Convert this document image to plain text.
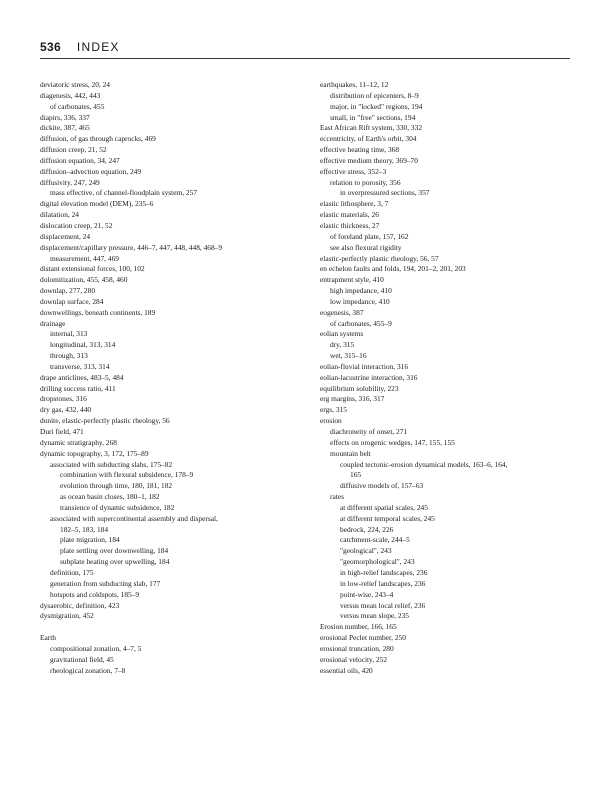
536 INDEX
deviatoric stress, 20, 24
diagenesis, 442, 443
of carbonates, 455
diapirs, 336, 337
dickite, 387, 465
diffusion, of gas through caprocks, 469
diffusion creep, 21, 52
diffusion equation, 34, 247
diffusion–advection equation, 249
diffusivity, 247, 249
mass effective, of channel-floodplain system, 257
digital elevation model (DEM), 235–6
dilatation, 24
dislocation creep, 21, 52
displacement, 24
displacement/capillary pressure, 446–7, 447, 448, 448, 468–9
measurement, 447, 469
distant extensional forces, 100, 102
dolomitization, 455, 458, 460
downlap, 277, 280
downlap surface, 284
downwellings, beneath continents, 189
drainage
internal, 313
longitudinal, 313, 314
through, 313
transverse, 313, 314
drape anticlines, 483–5, 484
drilling success ratio, 411
dropstones, 316
dry gas, 432, 440
dunite, elastic-perfectly plastic rheology, 56
Duri field, 471
dynamic stratigraphy, 268
dynamic topography, 3, 172, 175–89
associated with subducting slabs, 175–82
combination with flexural subsidence, 178–9
evolution through time, 180, 181, 182
as ocean basin closes, 180–1, 182
transience of dynamic subsidence, 182
associated with supercontinental assembly and dispersal,
182–5, 183, 184
plate migration, 184
plate settling over downwelling, 184
subplate heating over upwelling, 184
definition, 175
generation from subducting slab, 177
hotspots and coldspots, 185–9
dysaerobic, definition, 423
dysmigration, 452
Earth
compositional zonation, 4–7, 5
gravitational field, 45
rheological zonation, 7–8
earthquakes, 11–12, 12
distribution of epicenters, 8–9
major, in "locked" regions, 194
small, in "free" sections, 194
East African Rift system, 330, 332
eccentricity, of Earth's orbit, 304
effective heating time, 368
effective medium theory, 369–70
effective stress, 352–3
relation to porosity, 356
in overpressured sections, 357
elastic lithosphere, 3, 7
elastic materials, 26
elastic thickness, 27
of foreland plate, 157, 162
see also flexural rigidity
elastic-perfectly plastic rheology, 56, 57
en echelon faults and folds, 194, 201–2, 201, 203
entrapment style, 410
high impedance, 410
low impedance, 410
eogenesis, 387
of carbonates, 455–9
eolian systems
dry, 315
wet, 315–16
eolian-fluvial interaction, 316
eolian-lacustrine interaction, 316
equilibrium solubility, 223
erg margins, 316, 317
ergs, 315
erosion
diachroneity of onset, 271
effects on orogenic wedges, 147, 155, 155
mountain belt
coupled tectonic-erosion dynamical models, 163–6, 164,
165
diffusive models of, 157–63
rates
at different spatial scales, 245
at different temporal scales, 245
bedrock, 224, 226
catchment-scale, 244–5
"geological", 243
"geomorphological", 243
in high-relief landscapes, 236
in low-relief landscapes, 236
point-wise, 243–4
versus mean local relief, 236
versus mean slope, 235
Erosion number, 166, 165
erosional Peclet number, 250
erosional truncation, 280
erosional velocity, 252
essential oils, 420
